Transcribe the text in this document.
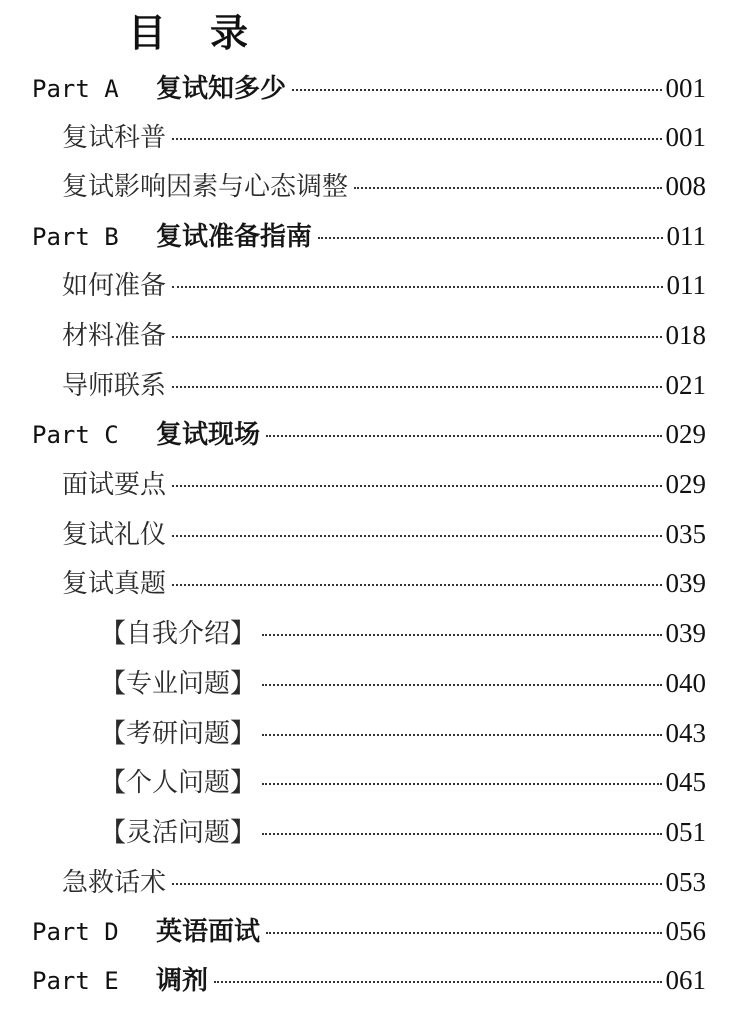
目录
Part A	复试知多少	001
复试科普	001
复试影响因素与心态调整	008
Part B	复试准备指南	011
如何准备	011
材料准备	018
导师联系	021
Part C	复试现场	029
面试要点	029
复试礼仪	035
复试真题	039
【自我介绍】	039
【专业问题】	040
【考研问题】	043
【个人问题】	045
【灵活问题】	051
急救话术	053
Part D	英语面试	056
Part E	调剂	061
